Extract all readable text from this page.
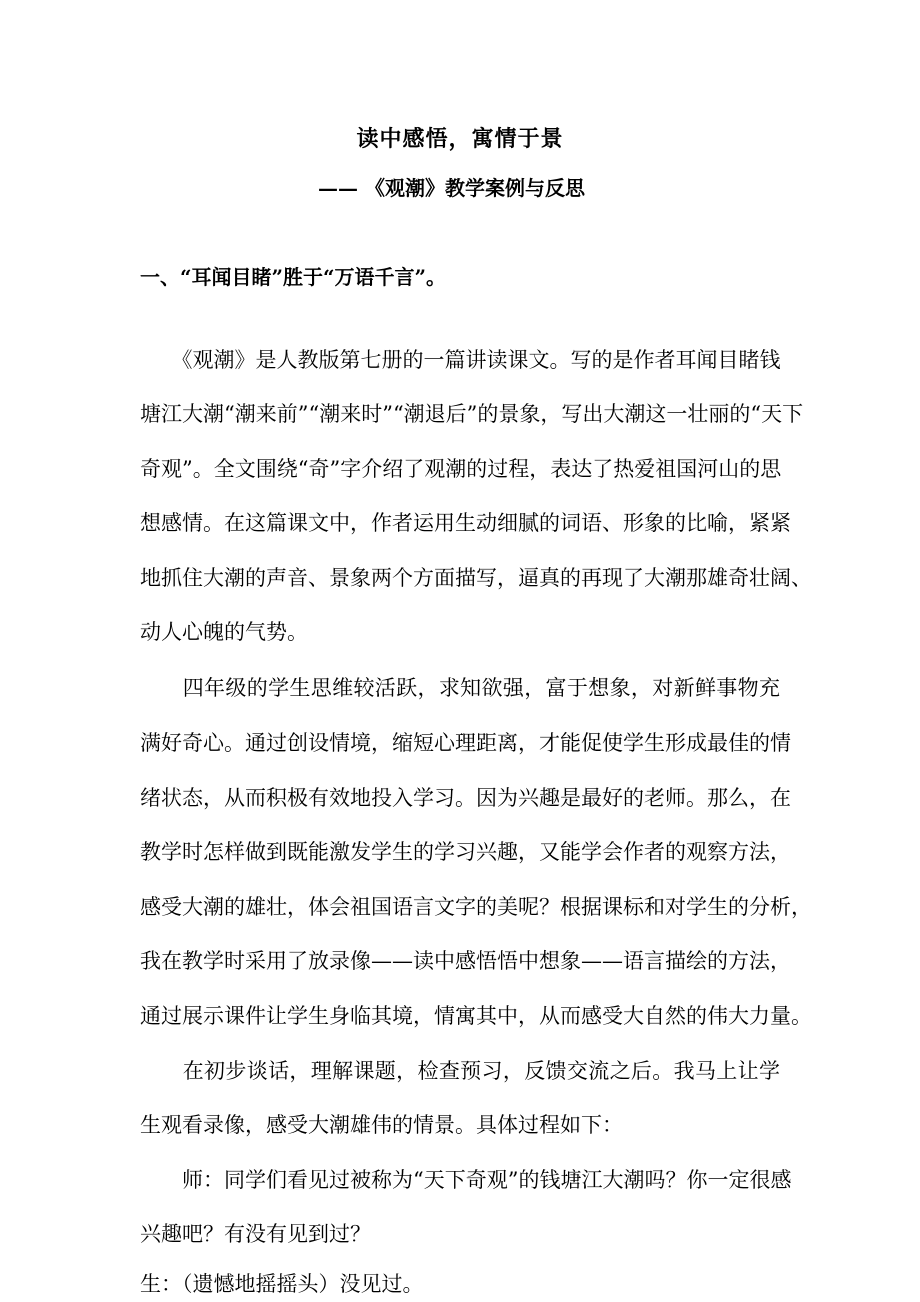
读中感悟，寓情于景
—— 《观潮》教学案例与反思
一、“耳闻目睹”胜于“万语千言”。
　　《观潮》是人教版第七册的一篇讲读课文。写的是作者耳闻目睹钱
塘江大潮“潮来前”“潮来时”“潮退后”的景象，写出大潮这一壮丽的“天下
奇观”。全文围绕“奇”字介绍了观潮的过程，表达了热爱祖国河山的思
想感情。在这篇课文中，作者运用生动细腻的词语、形象的比喻，紧紧
地抓住大潮的声音、景象两个方面描写，逼真的再现了大潮那雄奇壮阔、
动人心魄的气势。
　　四年级的学生思维较活跃，求知欲强，富于想象，对新鲜事物充
满好奇心。通过创设情境，缩短心理距离，才能促使学生形成最佳的情
绪状态，从而积极有效地投入学习。因为兴趣是最好的老师。那么，在
教学时怎样做到既能激发学生的学习兴趣，又能学会作者的观察方法，
感受大潮的雄壮，体会祖国语言文字的美呢？根据课标和对学生的分析，
我在教学时采用了放录像——读中感悟悟中想象——语言描绘的方法，
通过展示课件让学生身临其境，情寓其中，从而感受大自然的伟大力量。
　　在初步谈话，理解课题，检查预习，反馈交流之后。我马上让学
生观看录像，感受大潮雄伟的情景。具体过程如下：
　　师：同学们看见过被称为“天下奇观”的钱塘江大潮吗？你一定很感
兴趣吧？有没有见到过？
生：（遗憾地摇摇头）没见过。
